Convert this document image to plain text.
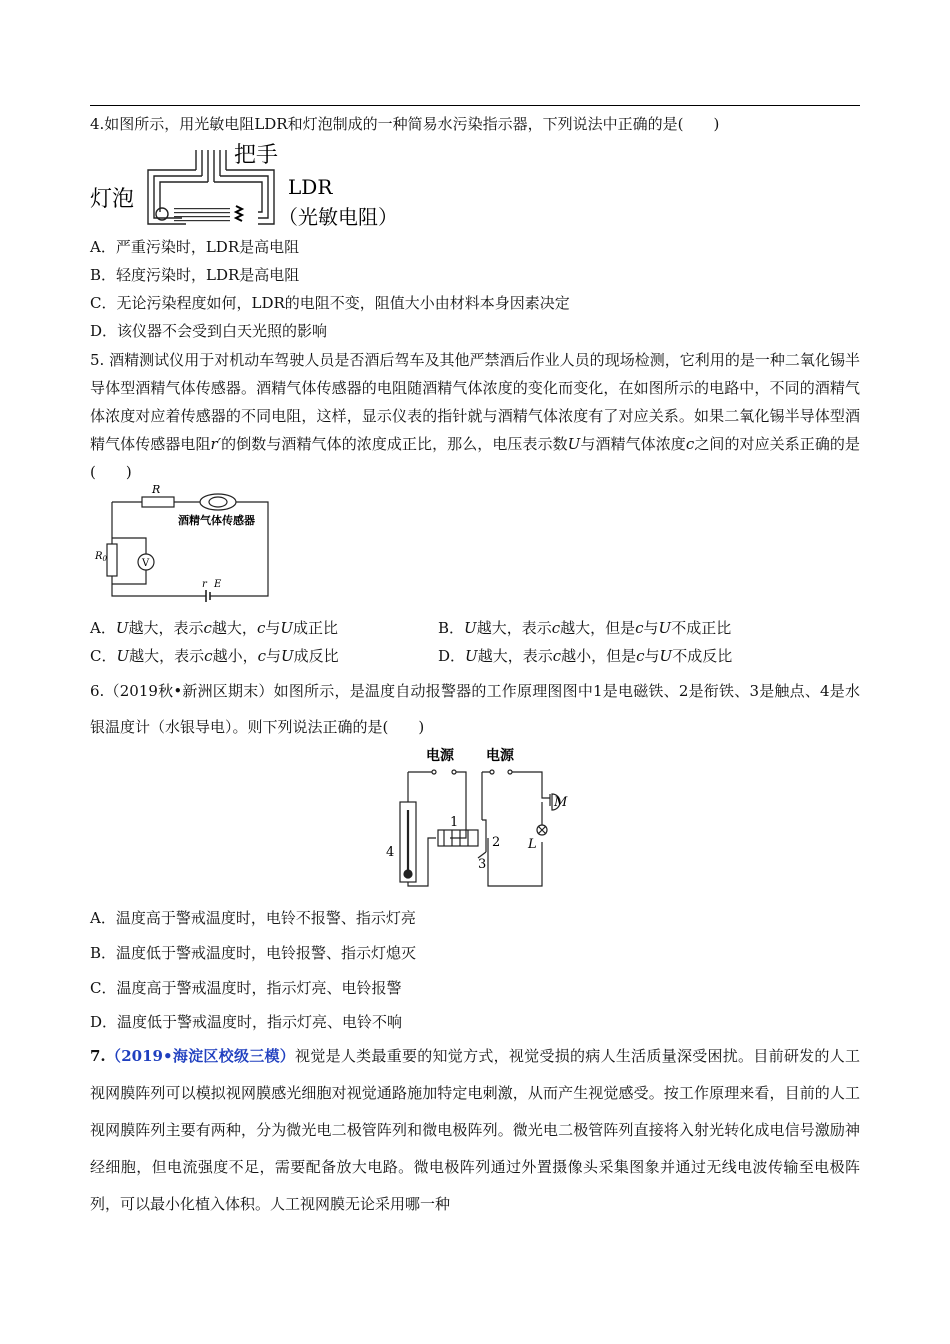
4.如图所示，用光敏电阻LDR和灯泡制成的一种简易水污染指示器，下列说法中正确的是(　　)
灯泡
把手
LDR
（光敏电阻）
A．严重污染时，LDR是高电阻
B．轻度污染时，LDR是高电阻
C．无论污染程度如何，LDR的电阻不变，阻值大小由材料本身因素决定
D．该仪器不会受到白天光照的影响
5. 酒精测试仪用于对机动车驾驶人员是否酒后驾车及其他严禁酒后作业人员的现场检测，它利用的是一种二氧化锡半导体型酒精气体传感器。酒精气体传感器的电阻随酒精气体浓度的变化而变化，在如图所示的电路中，不同的酒精气体浓度对应着传感器的不同电阻，这样，显示仪表的指针就与酒精气体浓度有了对应关系。如果二氧化锡半导体型酒精气体传感器电阻r′的倒数与酒精气体的浓度成正比，那么，电压表示数U与酒精气体浓度c之间的对应关系正确的是(　　)
R
酒精气体传感器
$R_0$	V
r E
A．U越大，表示c越大，c与U成正比	B．U越大，表示c越大，但是c与U不成正比
C．U越大，表示c越小，c与U成反比	D．U越大，表示c越小，但是c与U不成反比
6.（2019秋•新洲区期末）如图所示，是温度自动报警器的工作原理图图中1是电磁铁、2是衔铁、3是触点、4是水银温度计（水银导电）。则下列说法正确的是(　　)
电源 电源
1
2
3
4
M
L
A．温度高于警戒温度时，电铃不报警、指示灯亮
B．温度低于警戒温度时，电铃报警、指示灯熄灭
C．温度高于警戒温度时，指示灯亮、电铃报警
D．温度低于警戒温度时，指示灯亮、电铃不响
7.（2019•海淀区校级三模）视觉是人类最重要的知觉方式，视觉受损的病人生活质量深受困扰。目前研发的人工视网膜阵列可以模拟视网膜感光细胞对视觉通路施加特定电刺激，从而产生视觉感受。按工作原理来看，目前的人工视网膜阵列主要有两种，分为微光电二极管阵列和微电极阵列。微光电二极管阵列直接将入射光转化成电信号激励神经细胞，但电流强度不足，需要配备放大电路。微电极阵列通过外置摄像头采集图象并通过无线电波传输至电极阵列，可以最小化植入体积。人工视网膜无论采用哪一种
